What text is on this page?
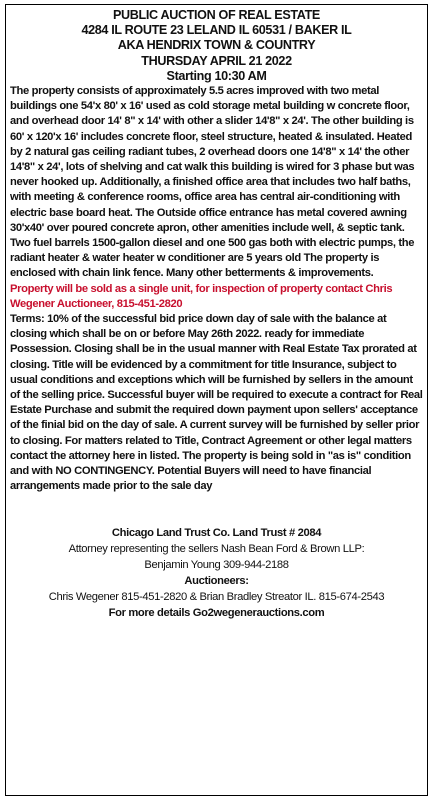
PUBLIC AUCTION OF REAL ESTATE
4284 IL ROUTE 23 LELAND IL 60531 / BAKER IL
AKA HENDRIX TOWN & COUNTRY
THURSDAY APRIL 21 2022
Starting 10:30 AM
The property consists of approximately 5.5 acres improved with two metal buildings one 54'x 80' x 16' used as cold storage metal building w concrete floor, and overhead door 14' 8" x 14' with other a slider 14'8" x 24'. The other building is 60' x 120'x 16' includes concrete floor, steel structure, heated & insulated. Heated by 2 natural gas ceiling radiant tubes, 2 overhead doors one 14'8" x 14' the other 14'8" x 24', lots of shelving and cat walk this building is wired for 3 phase but was never hooked up. Additionally, a finished office area that includes two half baths, with meeting & conference rooms, office area has central air-conditioning with electric base board heat. The Outside office entrance has metal covered awning 30'x40' over poured concrete apron, other amenities include well, & septic tank. Two fuel barrels 1500-gallon diesel and one 500 gas both with electric pumps, the radiant heater & water heater w conditioner are 5 years old The property is enclosed with chain link fence. Many other betterments & improvements.
Property will be sold as a single unit, for inspection of property contact Chris Wegener Auctioneer, 815-451-2820
Terms: 10% of the successful bid price down day of sale with the balance at closing which shall be on or before May 26th 2022. ready for immediate Possession. Closing shall be in the usual manner with Real Estate Tax prorated at closing. Title will be evidenced by a commitment for title Insurance, subject to usual conditions and exceptions which will be furnished by sellers in the amount of the selling price. Successful buyer will be required to execute a contract for Real Estate Purchase and submit the required down payment upon sellers' acceptance of the finial bid on the day of sale. A current survey will be furnished by seller prior to closing. For matters related to Title, Contract Agreement or other legal matters contact the attorney here in listed. The property is being sold in "as is" condition and with NO CONTINGENCY. Potential Buyers will need to have financial arrangements made prior to the sale day
Chicago Land Trust Co. Land Trust # 2084
Attorney representing the sellers Nash Bean Ford & Brown LLP:
Benjamin Young 309-944-2188
Auctioneers:
Chris Wegener 815-451-2820 & Brian Bradley Streator IL. 815-674-2543
For more details Go2wegenerauctions.com
